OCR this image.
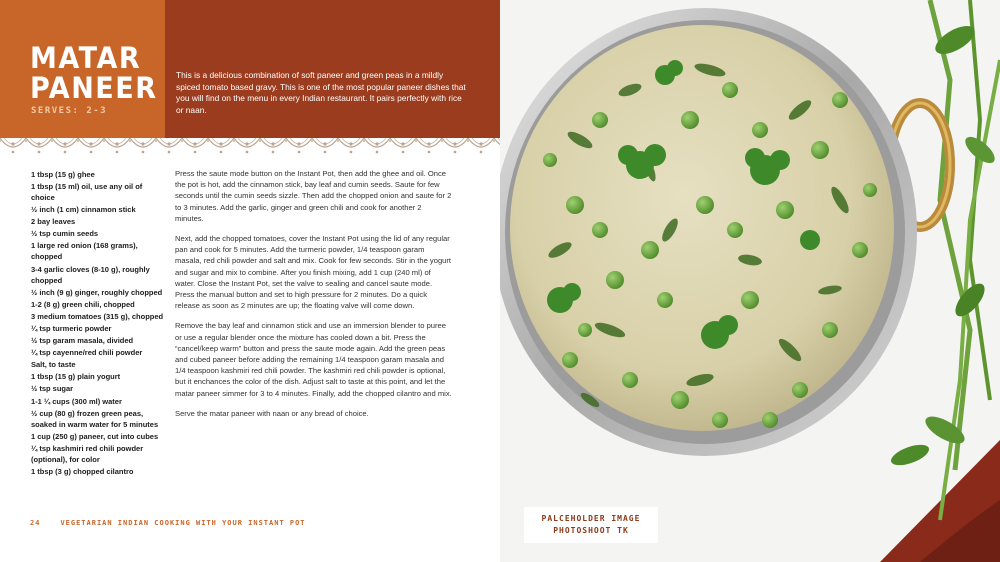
MATAR
PANEER
SERVES: 2-3

This is a delicious combination of soft paneer and green peas in a mildly spiced tomato based gravy. This is one of the most popular paneer dishes that you will find on the menu in every Indian restaurant. It pairs perfectly with rice or naan.

1 tbsp (15 g) ghee
1 tbsp (15 ml) oil, use any oil of choice
½ inch (1 cm) cinnamon stick
2 bay leaves
½ tsp cumin seeds
1 large red onion (168 grams), chopped
3-4 garlic cloves (8-10 g), roughly chopped
½ inch (9 g) ginger, roughly chopped
1-2 (8 g) green chili, chopped
3 medium tomatoes (315 g), chopped
¼ tsp turmeric powder
½ tsp garam masala, divided
¼ tsp cayenne/red chili powder
Salt, to taste
1 tbsp (15 g) plain yogurt
½ tsp sugar
1-1 ¼ cups (300 ml) water
½ cup (80 g) frozen green peas, soaked in warm water for 5 minutes
1 cup (250 g) paneer, cut into cubes
¼ tsp kashmiri red chili powder (optional), for color
1 tbsp (3 g) chopped cilantro

Press the saute mode button on the Instant Pot, then add the ghee and oil. Once the pot is hot, add the cinnamon stick, bay leaf and cumin seeds. Saute for few seconds until the cumin seeds sizzle. Then add the chopped onion and saute for 2 to 3 minutes. Add the garlic, ginger and green chili and cook for another 2 minutes.

Next, add the chopped tomatoes, cover the Instant Pot using the lid of any regular pan and cook for 5 minutes. Add the turmeric powder, 1/4 teaspoon garam masala, red chili powder and salt and mix. Cook for few seconds. Stir in the yogurt and sugar and mix to combine. After you finish mixing, add 1 cup (240 ml) of water. Close the Instant Pot, set the valve to sealing and cancel saute mode. Press the manual button and set to high pressure for 2 minutes. Do a quick release as soon as 2 minutes are up; the floating valve will come down.

Remove the bay leaf and cinnamon stick and use an immersion blender to puree or use a regular blender once the mixture has cooled down a bit. Press the “cancel/keep warm” button and press the saute mode again. Add the green peas and cubed paneer before adding the remaining 1/4 teaspoon garam masala and 1/4 teaspoon kashmiri red chili powder. The kashmiri red chili powder is optional, but it enchances the color of the dish. Adjust salt to taste at this point, and let the matar paneer simmer for 3 to 4 minutes. Finally, add the chopped cilantro and mix.

Serve the matar paneer with naan or any bread of choice.

24	VEGETARIAN INDIAN COOKING WITH YOUR INSTANT POT	PALCEHOLDER IMAGE
PHOTOSHOOT TK
